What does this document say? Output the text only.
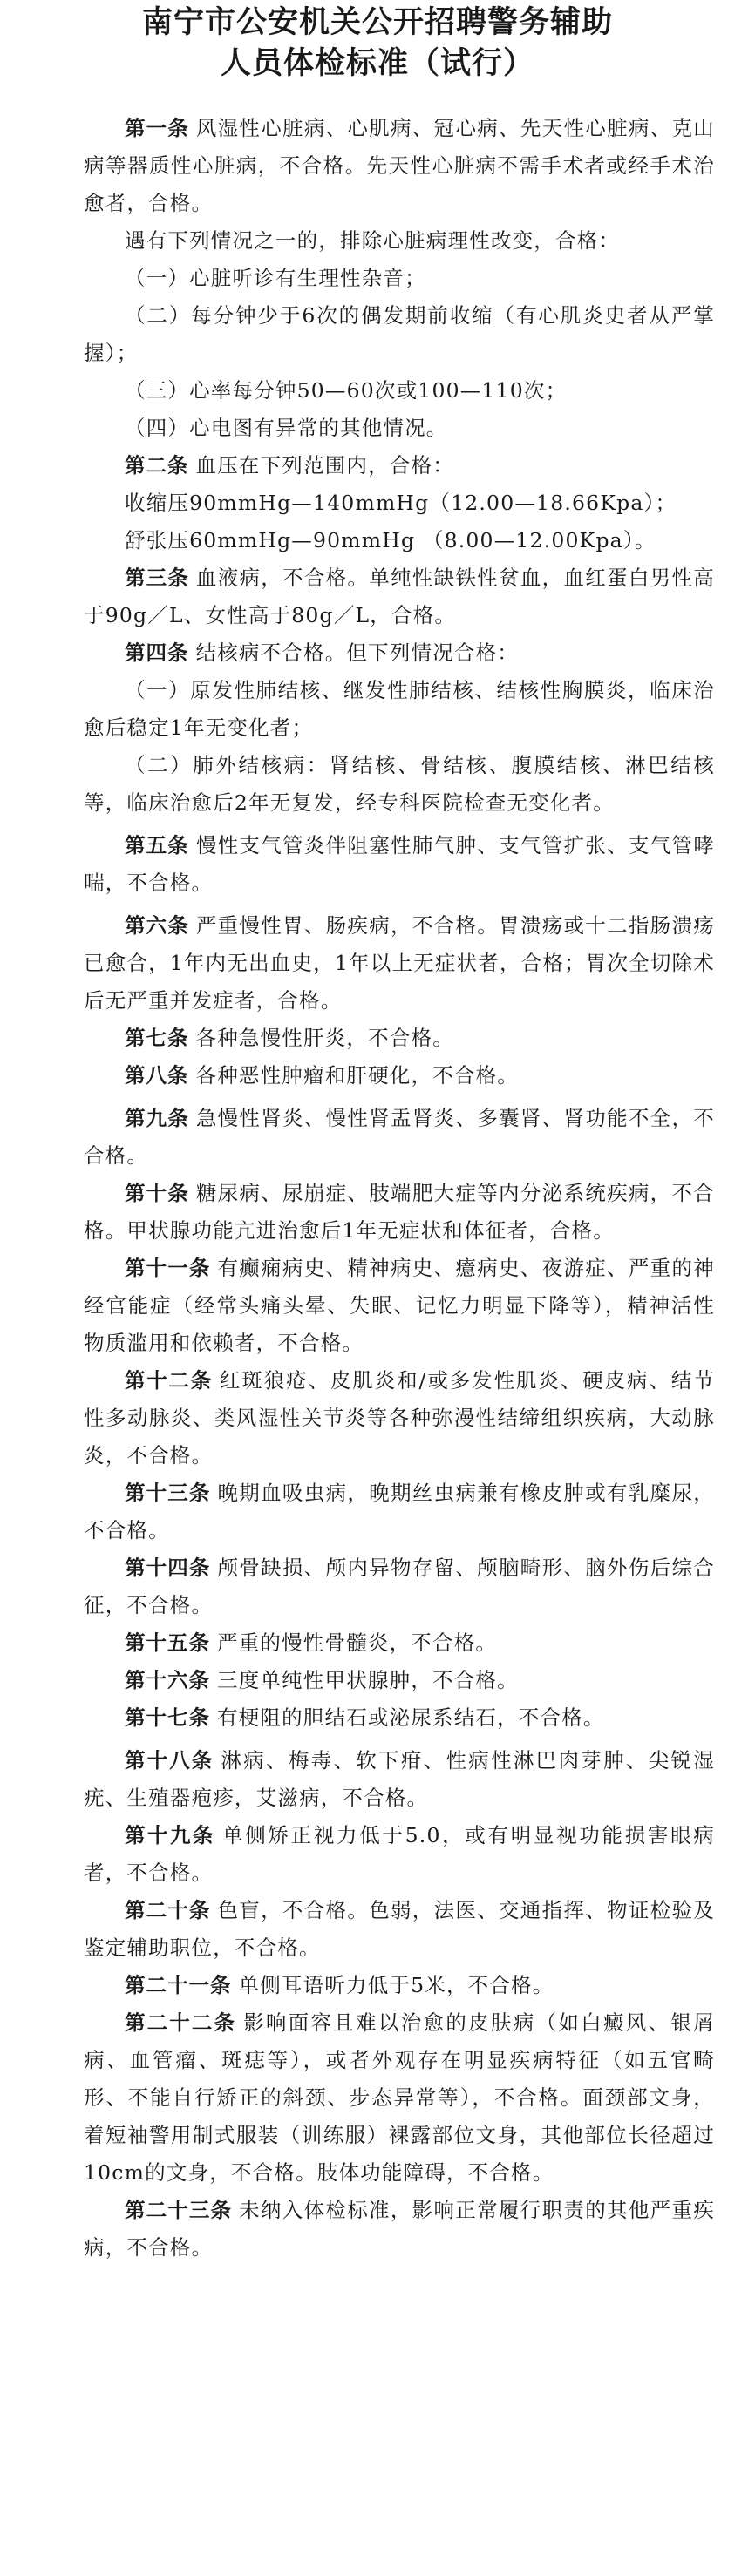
南宁市公安机关公开招聘警务辅助
人员体检标准（试行）

第一条 风湿性心脏病、心肌病、冠心病、先天性心脏病、克山病等器质性心脏病，不合格。先天性心脏病不需手术者或经手术治愈者，合格。

遇有下列情况之一的，排除心脏病理性改变，合格：

（一）心脏听诊有生理性杂音；

（二）每分钟少于6次的偶发期前收缩（有心肌炎史者从严掌握）；

（三）心率每分钟50—60次或100—110次；

（四）心电图有异常的其他情况。

第二条 血压在下列范围内，合格：

收缩压90mmHg—140mmHg（12.00—18.66Kpa）；

舒张压60mmHg—90mmHg （8.00—12.00Kpa）。

第三条 血液病，不合格。单纯性缺铁性贫血，血红蛋白男性高于90g／L、女性高于80g／L，合格。

第四条 结核病不合格。但下列情况合格：

（一）原发性肺结核、继发性肺结核、结核性胸膜炎，临床治愈后稳定1年无变化者；

（二）肺外结核病：肾结核、骨结核、腹膜结核、淋巴结核等，临床治愈后2年无复发，经专科医院检查无变化者。

第五条 慢性支气管炎伴阻塞性肺气肿、支气管扩张、支气管哮喘，不合格。

第六条 严重慢性胃、肠疾病，不合格。胃溃疡或十二指肠溃疡已愈合，1年内无出血史，1年以上无症状者，合格；胃次全切除术后无严重并发症者，合格。

第七条 各种急慢性肝炎，不合格。

第八条 各种恶性肿瘤和肝硬化，不合格。

第九条 急慢性肾炎、慢性肾盂肾炎、多囊肾、肾功能不全，不合格。

第十条 糖尿病、尿崩症、肢端肥大症等内分泌系统疾病，不合格。甲状腺功能亢进治愈后1年无症状和体征者，合格。

第十一条 有癫痫病史、精神病史、癔病史、夜游症、严重的神经官能症（经常头痛头晕、失眠、记忆力明显下降等），精神活性物质滥用和依赖者，不合格。

第十二条 红斑狼疮、皮肌炎和/或多发性肌炎、硬皮病、结节性多动脉炎、类风湿性关节炎等各种弥漫性结缔组织疾病，大动脉炎，不合格。

第十三条 晚期血吸虫病，晚期丝虫病兼有橡皮肿或有乳糜尿，不合格。

第十四条 颅骨缺损、颅内异物存留、颅脑畸形、脑外伤后综合征，不合格。

第十五条 严重的慢性骨髓炎，不合格。

第十六条 三度单纯性甲状腺肿，不合格。

第十七条 有梗阻的胆结石或泌尿系结石，不合格。

第十八条 淋病、梅毒、软下疳、性病性淋巴肉芽肿、尖锐湿疣、生殖器疱疹，艾滋病，不合格。

第十九条 单侧矫正视力低于5.0，或有明显视功能损害眼病者，不合格。

第二十条 色盲，不合格。色弱，法医、交通指挥、物证检验及鉴定辅助职位，不合格。

第二十一条 单侧耳语听力低于5米，不合格。

第二十二条 影响面容且难以治愈的皮肤病（如白癜风、银屑病、血管瘤、斑痣等），或者外观存在明显疾病特征（如五官畸形、不能自行矫正的斜颈、步态异常等），不合格。面颈部文身，着短袖警用制式服装（训练服）裸露部位文身，其他部位长径超过10cm的文身，不合格。肢体功能障碍，不合格。

第二十三条 未纳入体检标准，影响正常履行职责的其他严重疾病，不合格。
